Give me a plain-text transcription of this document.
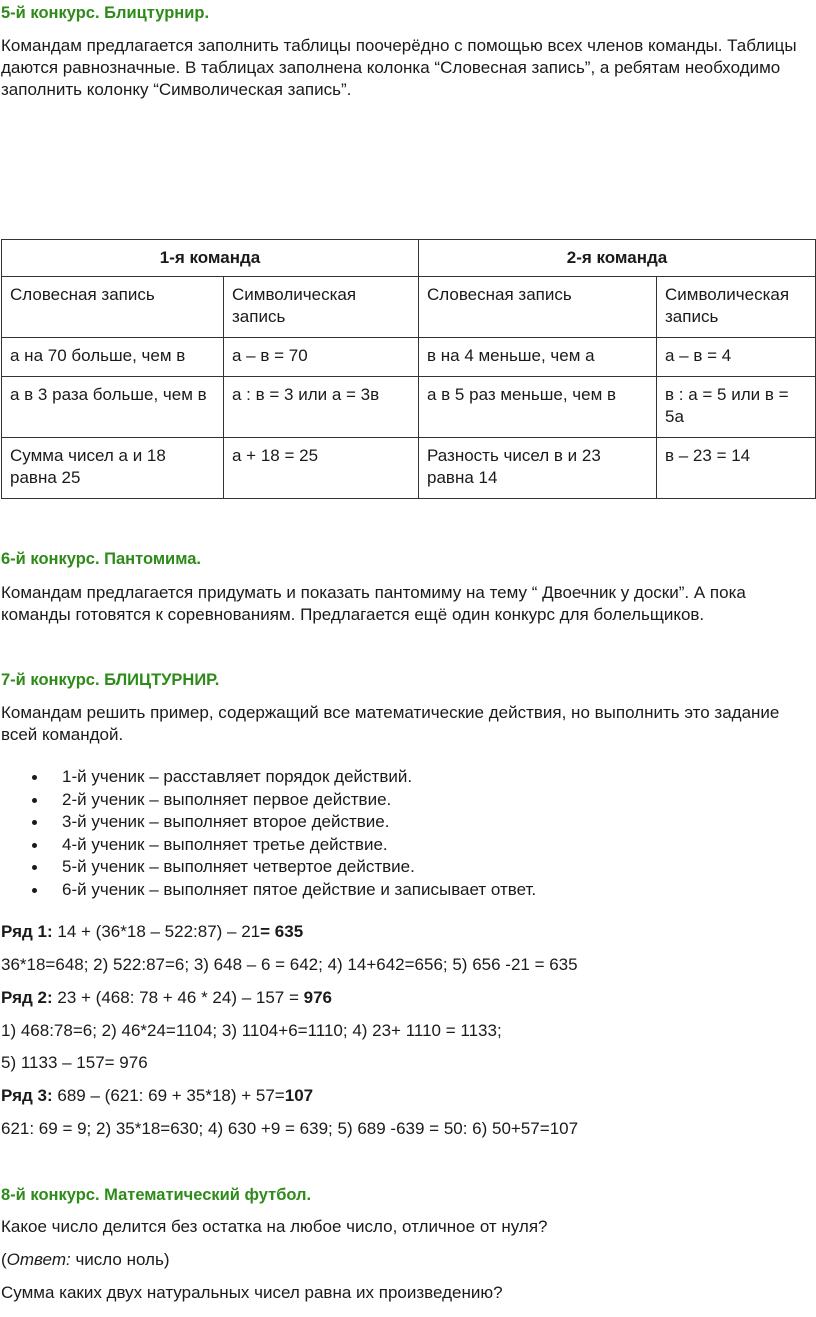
5-й конкурс. Блицтурнир.
Командам предлагается заполнить таблицы поочерёдно с помощью всех членов команды. Таблицы даются равнозначные. В таблицах заполнена колонка “Словесная запись”, а ребятам необходимо заполнить колонку “Символическая запись”.
1-я команда		2-я команда	
Словесная запись	Символическая запись	Словесная запись	Символическая запись
а на 70 больше, чем в	а – в = 70	в на 4 меньше, чем а	а – в = 4
а в 3 раза больше, чем в	а : в = 3 или а = 3в	а в 5 раз меньше, чем в	в : а = 5 или в = 5а
Сумма чисел а и 18 равна 25	а + 18 = 25	Разность чисел в и 23 равна 14	в – 23 = 14
6-й конкурс. Пантомима.
Командам предлагается придумать и показать пантомиму на тему “ Двоечник у доски”. А пока команды готовятся к соревнованиям. Предлагается ещё один конкурс для болельщиков.
7-й конкурс. БЛИЦТУРНИР.
Командам решить пример, содержащий все математические действия, но выполнить это задание всей командой.
1-й ученик – расставляет порядок действий.
2-й ученик – выполняет первое действие.
3-й ученик – выполняет второе действие.
4-й ученик – выполняет третье действие.
5-й ученик – выполняет четвертое действие.
6-й ученик – выполняет пятое действие и записывает ответ.
Ряд 1: 14 + (36*18 – 522:87) – 21= 635
36*18=648; 2) 522:87=6; 3) 648 – 6 = 642; 4) 14+642=656; 5) 656 -21 = 635
Ряд 2: 23 + (468: 78 + 46 * 24) – 157 = 976
1) 468:78=6; 2) 46*24=1104; 3) 1104+6=1110; 4) 23+ 1110 = 1133;
5) 1133 – 157= 976
Ряд 3: 689 – (621: 69 + 35*18) + 57=107
621: 69 = 9; 2) 35*18=630; 4) 630 +9 = 639; 5) 689 -639 = 50: 6) 50+57=107
8-й конкурс. Математический футбол.
Какое число делится без остатка на любое число, отличное от нуля?
(Ответ: число ноль)
Сумма каких двух натуральных чисел равна их произведению?
